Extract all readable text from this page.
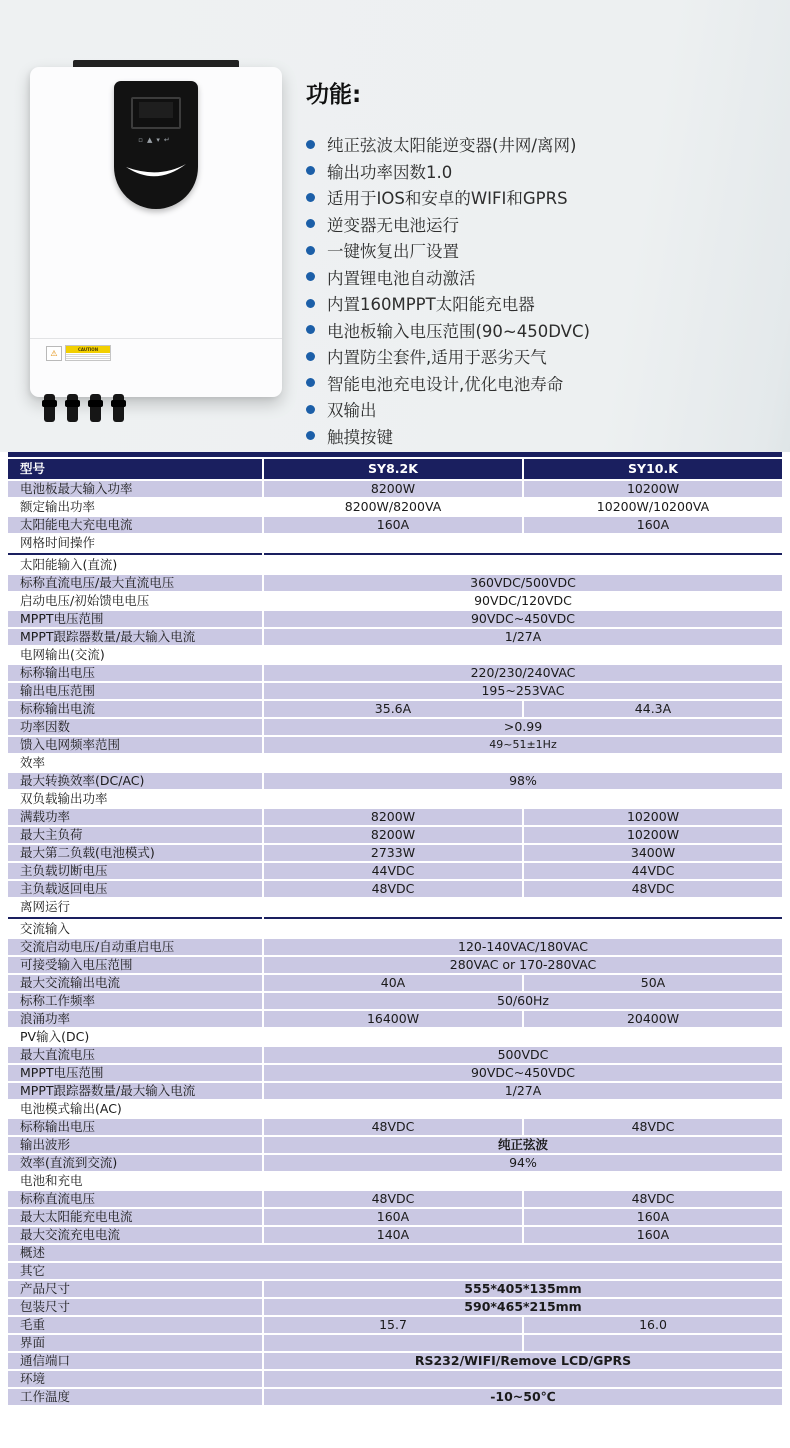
▫▲▾↵
⚠	CAUTION
功能:
纯正弦波太阳能逆变器(井网/离网)
输出功率因数1.0
适用于IOS和安卓的WIFI和GPRS
逆变器无电池运行
一键恢复出厂设置
内置锂电池自动激活
内置160MPPT太阳能充电器
电池板输入电压范围(90~450DVC)
内置防尘套件,适用于恶劣天气
智能电池充电设计,优化电池寿命
双输出
触摸按键
型号	SY8.2K	SY10.K
电池板最大输入功率	8200W	10200W
额定输出功率	8200W/8200VA	10200W/10200VA
太阳能电大充电电流	160A	160A
网格时间操作
太阳能输入(直流)
标称直流电压/最大直流电压	360VDC/500VDC
启动电压/初始馈电电压	90VDC/120VDC
MPPT电压范围	90VDC~450VDC
MPPT跟踪器数量/最大输入电流	1/27A
电网输出(交流)
标称输出电压	220/230/240VAC
输出电压范围	195~253VAC
标称输出电流	35.6A	44.3A
功率因数	>0.99
馈入电网频率范围	49~51±1Hz
效率
最大转换效率(DC/AC)	98%
双负载输出功率
满载功率	8200W	10200W
最大主负荷	8200W	10200W
最大第二负载(电池模式)	2733W	3400W
主负载切断电压	44VDC	44VDC
主负载返回电压	48VDC	48VDC
离网运行
交流输入
交流启动电压/自动重启电压	120-140VAC/180VAC
可接受输入电压范围	280VAC or 170-280VAC
最大交流输出电流	40A	50A
标称工作频率	50/60Hz
浪涌功率	16400W	20400W
PV输入(DC)
最大直流电压	500VDC
MPPT电压范围	90VDC~450VDC
MPPT跟踪器数量/最大输入电流	1/27A
电池模式输出(AC)
标称输出电压	48VDC	48VDC
输出波形	纯正弦波
效率(直流到交流)	94%
电池和充电
标称直流电压	48VDC	48VDC
最大太阳能充电电流	160A	160A
最大交流充电电流	140A	160A
概述
其它
产品尺寸	555*405*135mm
包装尺寸	590*465*215mm
毛重	15.7	16.0
界面
通信端口	RS232/WIFI/Remove LCD/GPRS
环境
工作温度	-10~50℃
